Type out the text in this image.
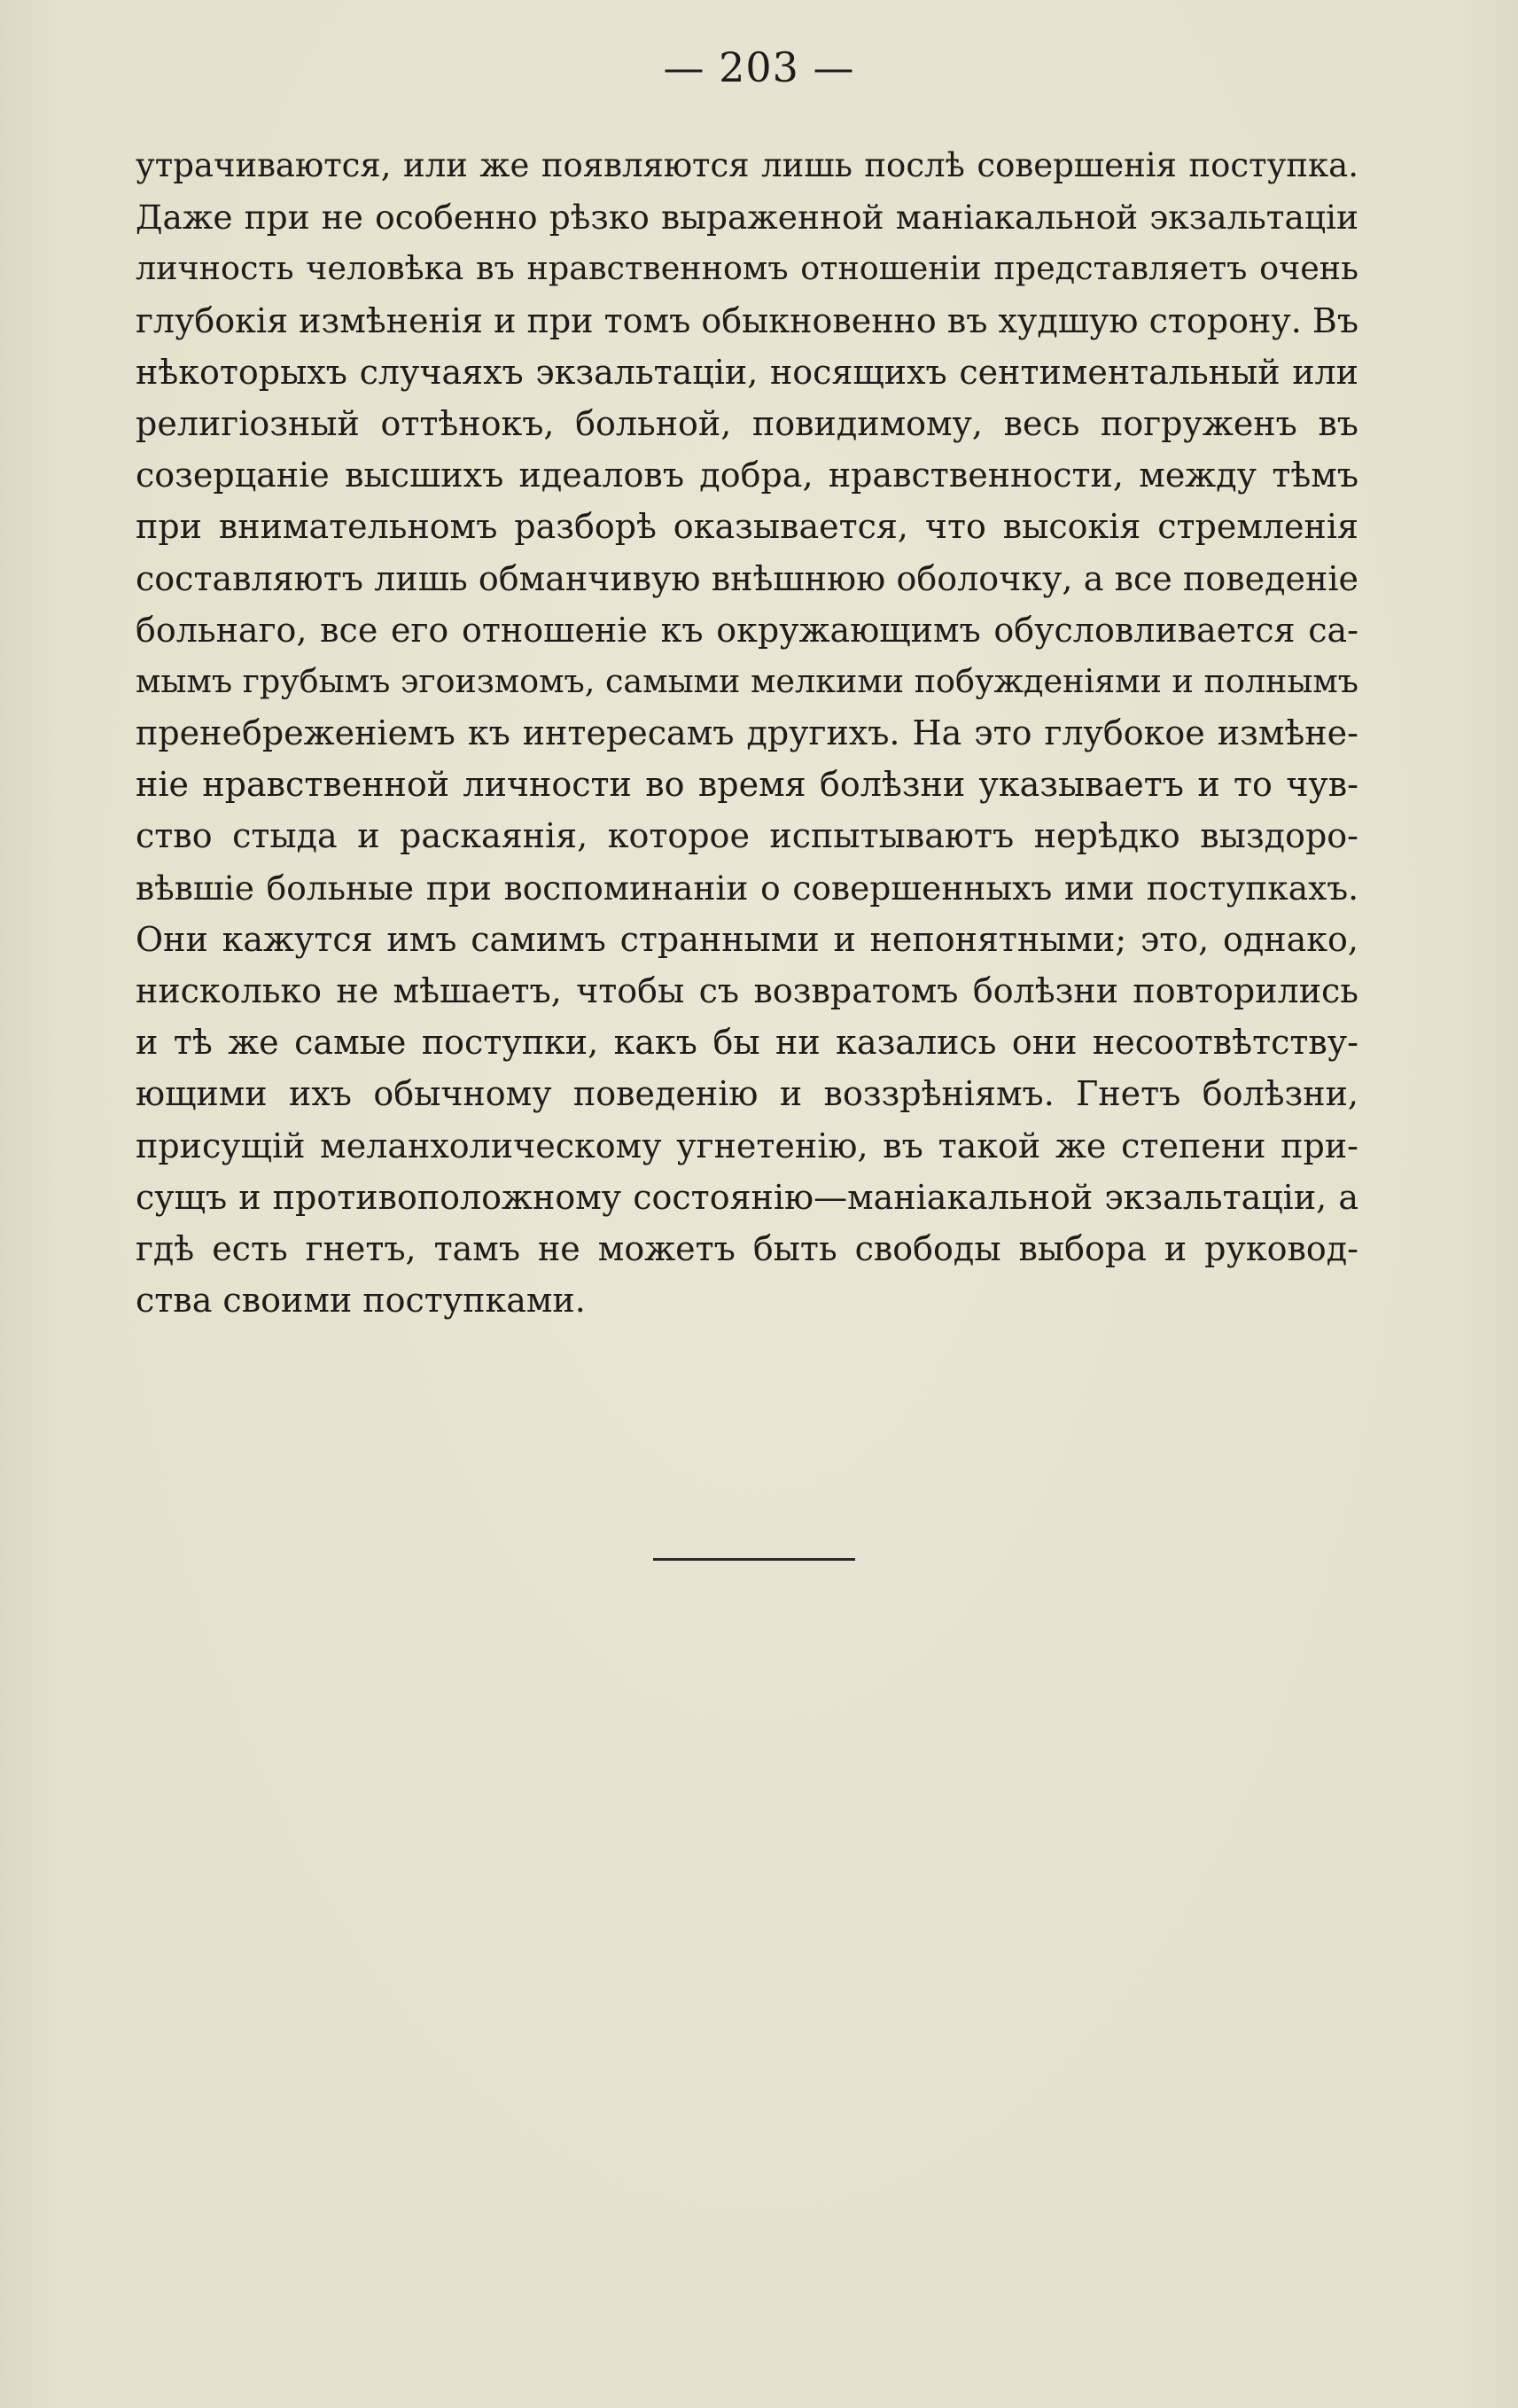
— 203 —
утрачиваются, или же появляются лишь послѣ совершенія поступка.
Даже при не особенно рѣзко выраженной маніакальной экзальтаціи
личность человѣка въ нравственномъ отношеніи представляетъ очень
глубокія измѣненія и при томъ обыкновенно въ худшую сторону. Въ
нѣкоторыхъ случаяхъ экзальтаціи, носящихъ сентиментальный или
религіозный оттѣнокъ, больной, повидимому, весь погруженъ въ
созерцаніе высшихъ идеаловъ добра, нравственности, между тѣмъ
при внимательномъ разборѣ оказывается, что высокія стремленія
составляютъ лишь обманчивую внѣшнюю оболочку, а все поведеніе
больнаго, все его отношеніе къ окружающимъ обусловливается са-
мымъ грубымъ эгоизмомъ, самыми мелкими побужденіями и полнымъ
пренебреженіемъ къ интересамъ другихъ. На это глубокое измѣне-
ніе нравственной личности во время болѣзни указываетъ и то чув-
ство стыда и раскаянія, которое испытываютъ нерѣдко выздоро-
вѣвшіе больные при воспоминаніи о совершенныхъ ими поступкахъ.
Они кажутся имъ самимъ странными и непонятными; это, однако,
нисколько не мѣшаетъ, чтобы съ возвратомъ болѣзни повторились
и тѣ же самые поступки, какъ бы ни казались они несоотвѣтству-
ющими ихъ обычному поведенію и воззрѣніямъ. Гнетъ болѣзни,
присущій меланхолическому угнетенію, въ такой же степени при-
сущъ и противоположному состоянію—маніакальной экзальтаціи, а
гдѣ есть гнетъ, тамъ не можетъ быть свободы выбора и руковод-
ства своими поступками.
